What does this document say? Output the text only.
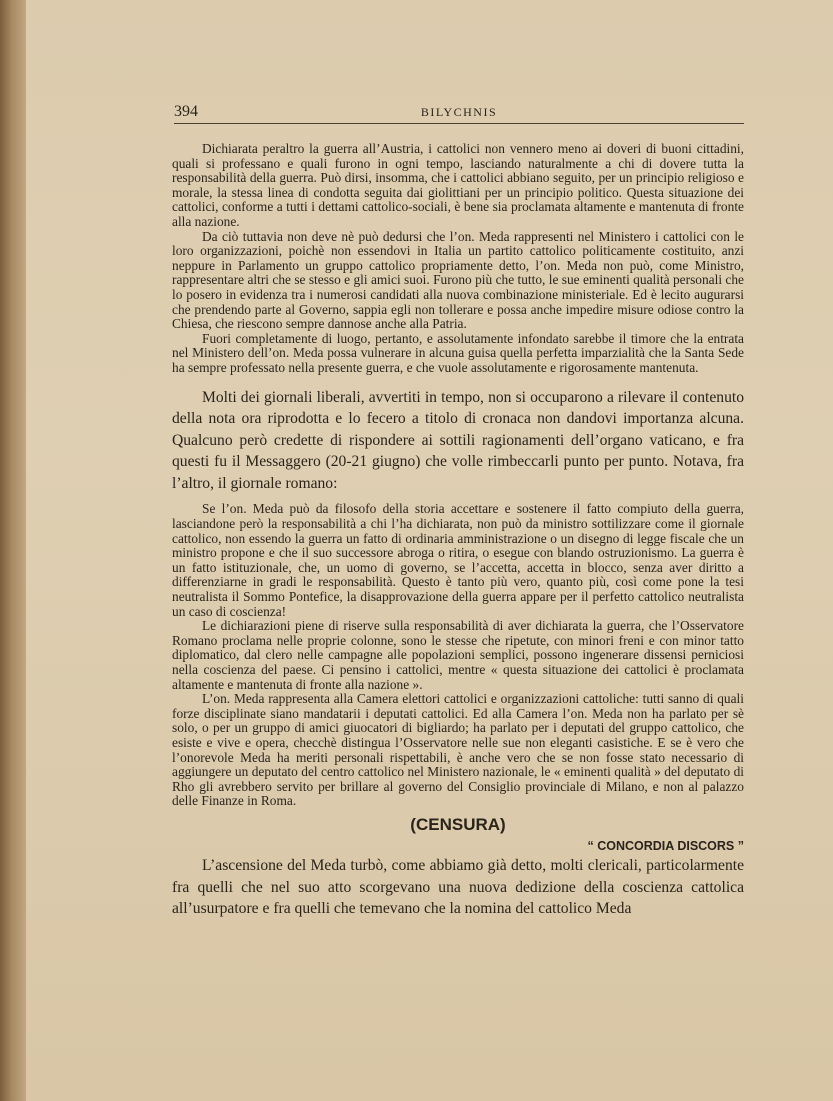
394	BILYCHNIS

Dichiarata peraltro la guerra all’Austria, i cattolici non vennero meno ai doveri di buoni cittadini, quali si professano e quali furono in ogni tempo, lasciando naturalmente a chi di dovere tutta la responsabilità della guerra. Può dirsi, insomma, che i cattolici abbiano seguito, per un principio religioso e morale, la stessa linea di condotta seguita dai giolittiani per un principio politico. Questa situazione dei cattolici, conforme a tutti i dettami cattolico-sociali, è bene sia proclamata altamente e mantenuta di fronte alla nazione.

Da ciò tuttavia non deve nè può dedursi che l’on. Meda rappresenti nel Ministero i cattolici con le loro organizzazioni, poichè non essendovi in Italia un partito cattolico politicamente costituito, anzi neppure in Parlamento un gruppo cattolico propriamente detto, l’on. Meda non può, come Ministro, rappresentare altri che se stesso e gli amici suoi. Furono più che tutto, le sue eminenti qualità personali che lo posero in evidenza tra i numerosi candidati alla nuova combinazione ministeriale. Ed è lecito augurarsi che prendendo parte al Governo, sappia egli non tollerare e possa anche impedire misure odiose contro la Chiesa, che riescono sempre dannose anche alla Patria.

Fuori completamente di luogo, pertanto, e assolutamente infondato sarebbe il timore che la entrata nel Ministero dell’on. Meda possa vulnerare in alcuna guisa quella perfetta imparzialità che la Santa Sede ha sempre professato nella presente guerra, e che vuole assolutamente e rigorosamente mantenuta.

Molti dei giornali liberali, avvertiti in tempo, non si occuparono a rilevare il contenuto della nota ora riprodotta e lo fecero a titolo di cronaca non dandovi importanza alcuna. Qualcuno però credette di rispondere ai sottili ragionamenti dell’organo vaticano, e fra questi fu il Messaggero (20-21 giugno) che volle rimbeccarli punto per punto. Notava, fra l’altro, il giornale romano:

Se l’on. Meda può da filosofo della storia accettare e sostenere il fatto compiuto della guerra, lasciandone però la responsabilità a chi l’ha dichiarata, non può da ministro sottilizzare come il giornale cattolico, non essendo la guerra un fatto di ordinaria amministrazione o un disegno di legge fiscale che un ministro propone e che il suo successore abroga o ritira, o esegue con blando ostruzionismo. La guerra è un fatto istituzionale, che, un uomo di governo, se l’accetta, accetta in blocco, senza aver diritto a differenziarne in gradi le responsabilità. Questo è tanto più vero, quanto più, così come pone la tesi neutralista il Sommo Pontefice, la disapprovazione della guerra appare per il perfetto cattolico neutralista un caso di coscienza!

Le dichiarazioni piene di riserve sulla responsabilità di aver dichiarata la guerra, che l’Osservatore Romano proclama nelle proprie colonne, sono le stesse che ripetute, con minori freni e con minor tatto diplomatico, dal clero nelle campagne alle popolazioni semplici, possono ingenerare dissensi perniciosi nella coscienza del paese. Ci pensino i cattolici, mentre « questa situazione dei cattolici è proclamata altamente e mantenuta di fronte alla nazione ».

L’on. Meda rappresenta alla Camera elettori cattolici e organizzazioni cattoliche: tutti sanno di quali forze disciplinate siano mandatarii i deputati cattolici. Ed alla Camera l’on. Meda non ha parlato per sè solo, o per un gruppo di amici giuocatori di bigliardo; ha parlato per i deputati del gruppo cattolico, che esiste e vive e opera, checchè distingua l’Osservatore nelle sue non eleganti casistiche. E se è vero che l’onorevole Meda ha meriti personali rispettabili, è anche vero che se non fosse stato necessario di aggiungere un deputato del centro cattolico nel Ministero nazionale, le « eminenti qualità » del deputato di Rho gli avrebbero servito per brillare al governo del Consiglio provinciale di Milano, e non al palazzo delle Finanze in Roma.

(CENSURA)
“ CONCORDIA DISCORS ”

L’ascensione del Meda turbò, come abbiamo già detto, molti clericali, particolarmente fra quelli che nel suo atto scorgevano una nuova dedizione della coscienza cattolica all’usurpatore e fra quelli che temevano che la nomina del cattolico Meda
